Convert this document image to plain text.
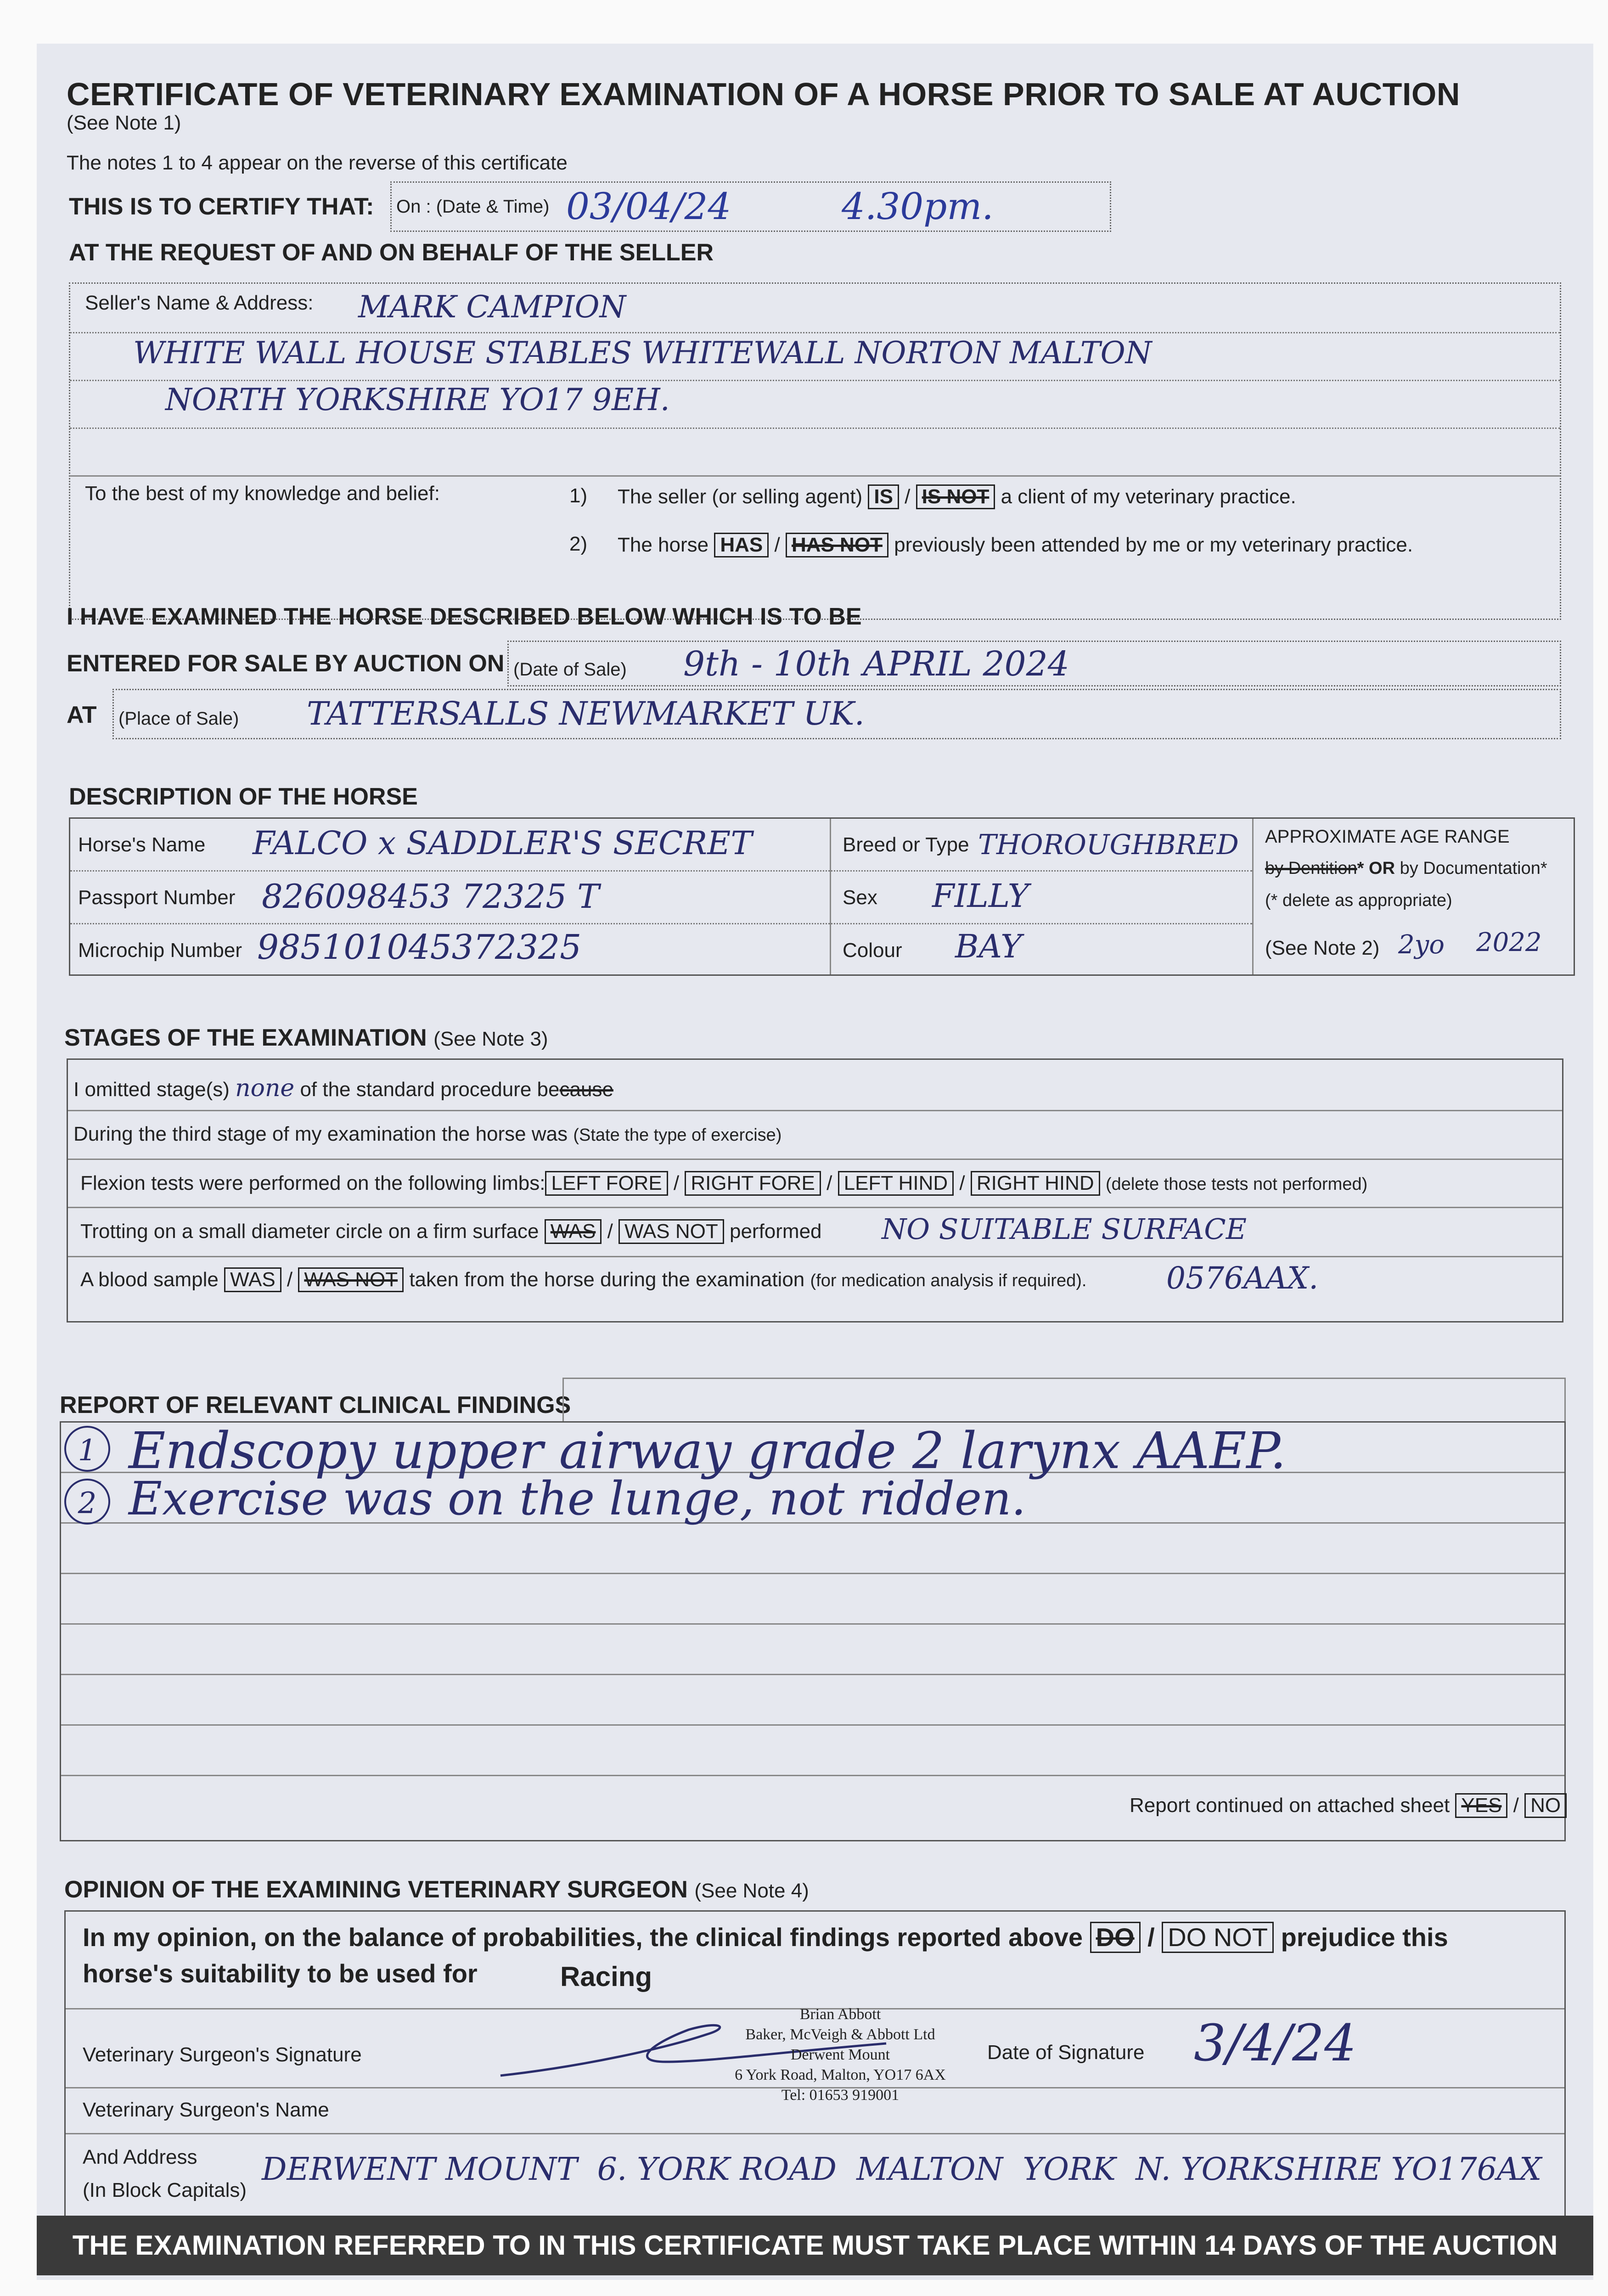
CERTIFICATE OF VETERINARY EXAMINATION OF A HORSE PRIOR TO SALE AT AUCTION
(See Note 1)
The notes 1 to 4 appear on the reverse of this certificate
THIS IS TO CERTIFY THAT: On : (Date & Time) 03/04/24	4.30pm.
AT THE REQUEST OF AND ON BEHALF OF THE SELLER
Seller's Name & Address: MARK CAMPION
WHITE WALL HOUSE STABLES WHITEWALL NORTON MALTON
NORTH YORKSHIRE YO17 9EH.
To the best of my knowledge and belief:	1) The seller (or selling agent) IS / IS NOT a client of my veterinary practice.
2) The horse HAS / HAS NOT previously been attended by me or my veterinary practice.
I HAVE EXAMINED THE HORSE DESCRIBED BELOW WHICH IS TO BE
ENTERED FOR SALE BY AUCTION ON (Date of Sale) 9th - 10th APRIL 2024
AT (Place of Sale) TATTERSALLS NEWMARKET UK.
DESCRIPTION OF THE HORSE
Horse's Name FALCO x SADDLER'S SECRET
Passport Number 826098453 72325 T
Microchip Number 985101045372325
Breed or Type THOROUGHBRED
Sex FILLY
Colour BAY
APPROXIMATE AGE RANGE
by Dentition* OR by Documentation*
(* delete as appropriate)
(See Note 2) 2yo 2022
STAGES OF THE EXAMINATION (See Note 3)
I omitted stage(s) none of the standard procedure because
During the third stage of my examination the horse was (State the type of exercise)
Flexion tests were performed on the following limbs: LEFT FORE / RIGHT FORE / LEFT HIND / RIGHT HIND (delete those tests not performed)
Trotting on a small diameter circle on a firm surface WAS / WAS NOT performed NO SUITABLE SURFACE
A blood sample WAS / WAS NOT taken from the horse during the examination (for medication analysis if required).	0576AAX.
REPORT OF RELEVANT CLINICAL FINDINGS
1 Endscopy upper airway grade 2 larynx AAEP.
2 Exercise was on the lunge, not ridden.
Report continued on attached sheet YES / NO
OPINION OF THE EXAMINING VETERINARY SURGEON (See Note 4)
In my opinion, on the balance of probabilities, the clinical findings reported above DO / DO NOT prejudice this
horse's suitability to be used for	Racing
Veterinary Surgeon's Signature
Brian Abbott
Baker, McVeigh & Abbott Ltd
Derwent Mount
6 York Road, Malton, YO17 6AX
Tel: 01653 919001
Date of Signature 3/4/24
Veterinary Surgeon's Name
And Address
(In Block Capitals)
DERWENT MOUNT  6. YORK ROAD  MALTON  YORK  N. YORKSHIRE YO176AX
THE EXAMINATION REFERRED TO IN THIS CERTIFICATE MUST TAKE PLACE WITHIN 14 DAYS OF THE AUCTION
